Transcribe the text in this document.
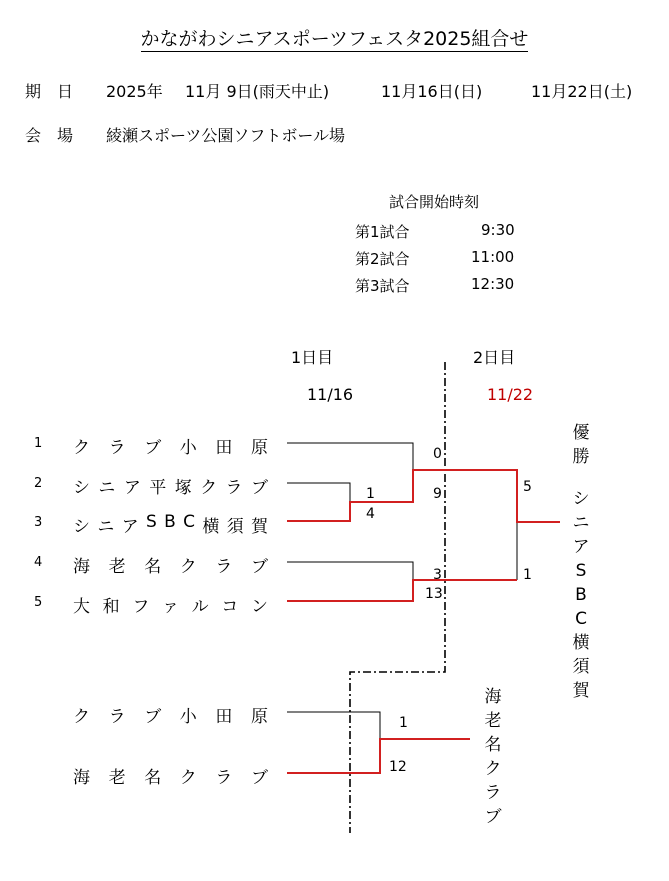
かながわシニアスポーツフェスタ2025組合せ
期　日 2025年 11月 9日(雨天中止)	11月16日(日)	11月22日(土)
会　場 綾瀬スポーツ公園ソフトボール場
試合開始時刻
第1試合	9:30
第2試合	11:00
第3試合	12:30
1日目
11/16
2日目
11/22
1 ク ラ ブ 小 田 原
2 シ ニ ア 平 塚 ク ラ ブ
3 シ ニ ア S B C 横 須 賀
4 海 老 名 ク ラ ブ
5 大 和 フ ァ ル コ ン
ク ラ ブ 小 田 原
海 老 名 ク ラ ブ
1
4
3
13
0
9	5
1
1
12
優
勝
シ
ニ
ア
S
B
C
横
須
賀
海
老
名
ク
ラ
ブ
